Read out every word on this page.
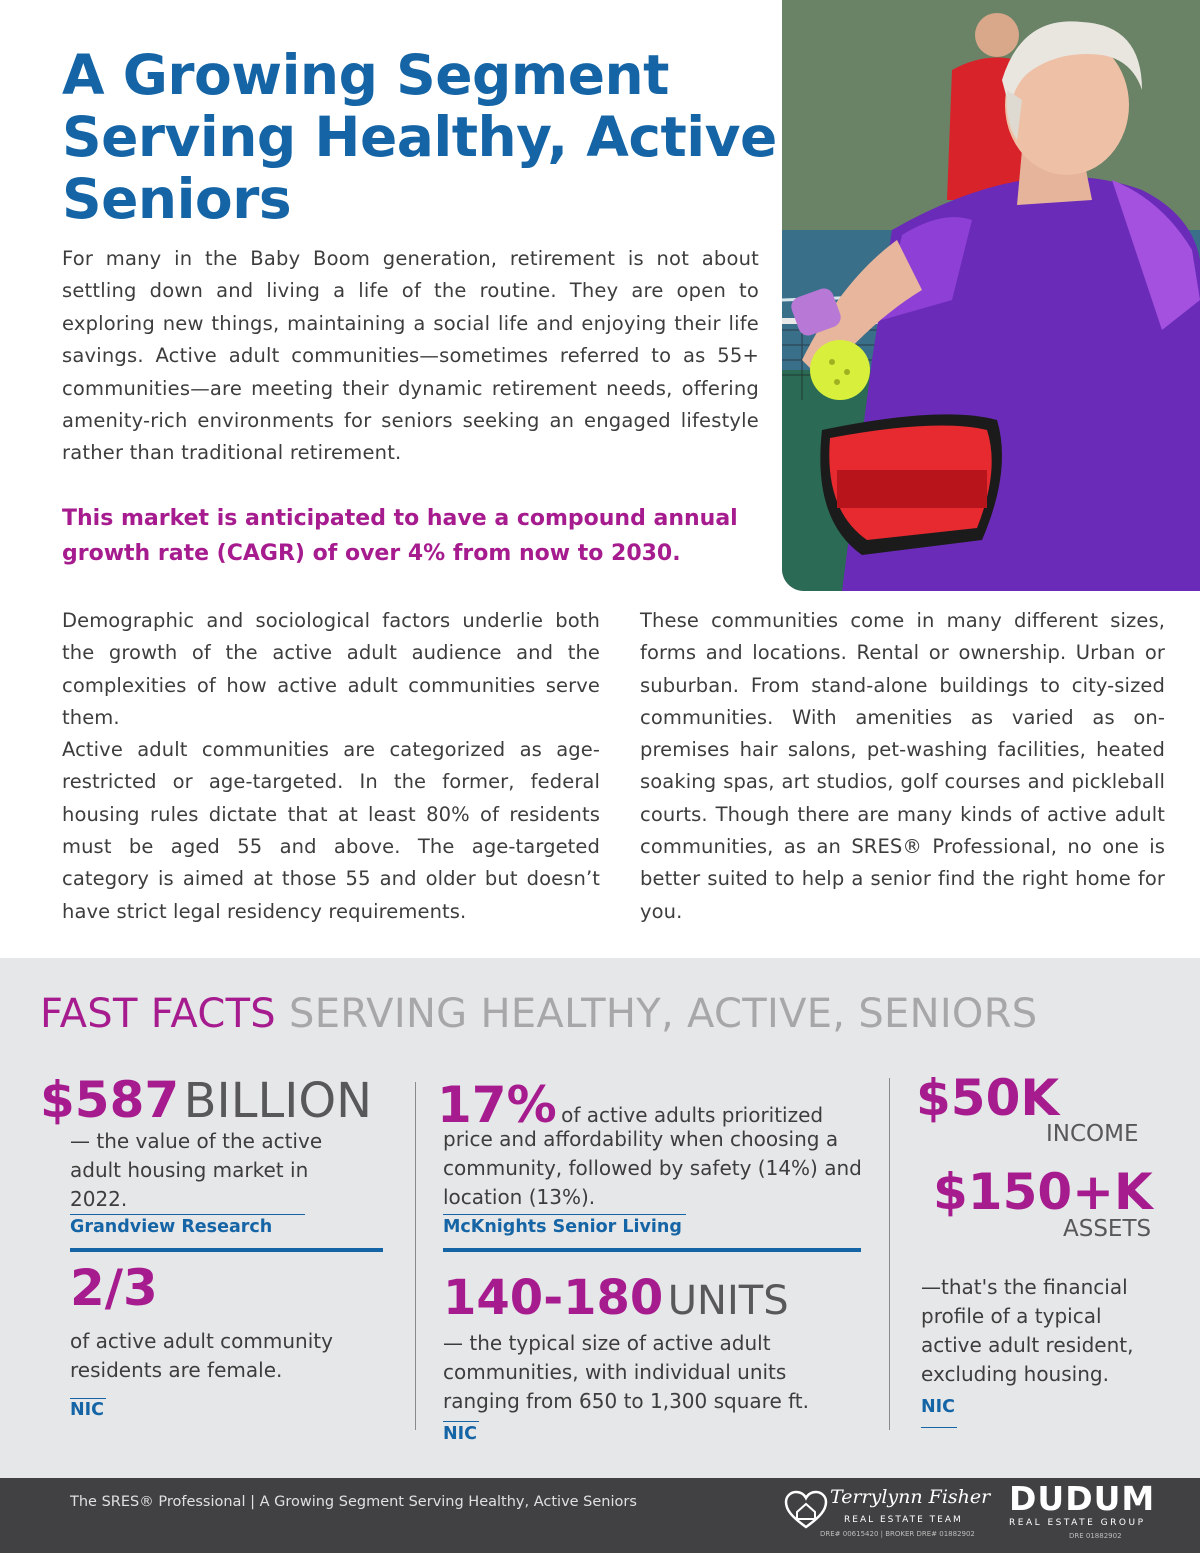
A Growing Segment Serving Healthy, Active Seniors

For many in the Baby Boom generation, retirement is not about settling down and living a life of the routine. They are open to exploring new things, maintaining a social life and enjoying their life savings. Active adult communities—sometimes referred to as 55+ communities—are meeting their dynamic retirement needs, offering amenity-rich environments for seniors seeking an engaged lifestyle rather than traditional retirement.

This market is anticipated to have a compound annual growth rate (CAGR) of over 4% from now to 2030.

Demographic and sociological factors underlie both the growth of the active adult audience and the complexities of how active adult communities serve them.

Active adult communities are categorized as age- restricted or age-targeted. In the former, federal housing rules dictate that at least 80% of residents must be aged 55 and above. The age-targeted category is aimed at those 55 and older but doesn’t have strict legal residency requirements.

These communities come in many different sizes, forms and locations. Rental or ownership. Urban or suburban. From stand-alone buildings to city-sized communities. With amenities as varied as on-premises hair salons, pet-washing facilities, heated soaking spas, art studios, golf courses and pickleball courts. Though there are many kinds of active adult communities, as an SRES® Professional, no one is better suited to help a senior find the right home for you.

FAST FACTS SERVING HEALTHY, ACTIVE, SENIORS
$587 BILLION

— the value of the active adult housing market in 2022.

Grandview Research
2/3

of active adult community residents are female.

NIC
17% of active adults prioritized

price and affordability when choosing a community, followed by safety (14%) and location (13%).

McKnights Senior Living
140-180 UNITS

— the typical size of active adult communities, with individual units ranging from 650 to 1,300 square ft.

NIC
$50K
INCOME
$150+K
ASSETS

—that's the financial profile of a typical active adult resident, excluding housing.

NIC
The SRES® Professional | A Growing Segment Serving Healthy, Active Seniors	Terrylynn Fisher
REAL ESTATE TEAM
DRE# 00615420 | BROKER DRE# 01882902
DUDUM
REAL ESTATE GROUP
DRE 01882902
